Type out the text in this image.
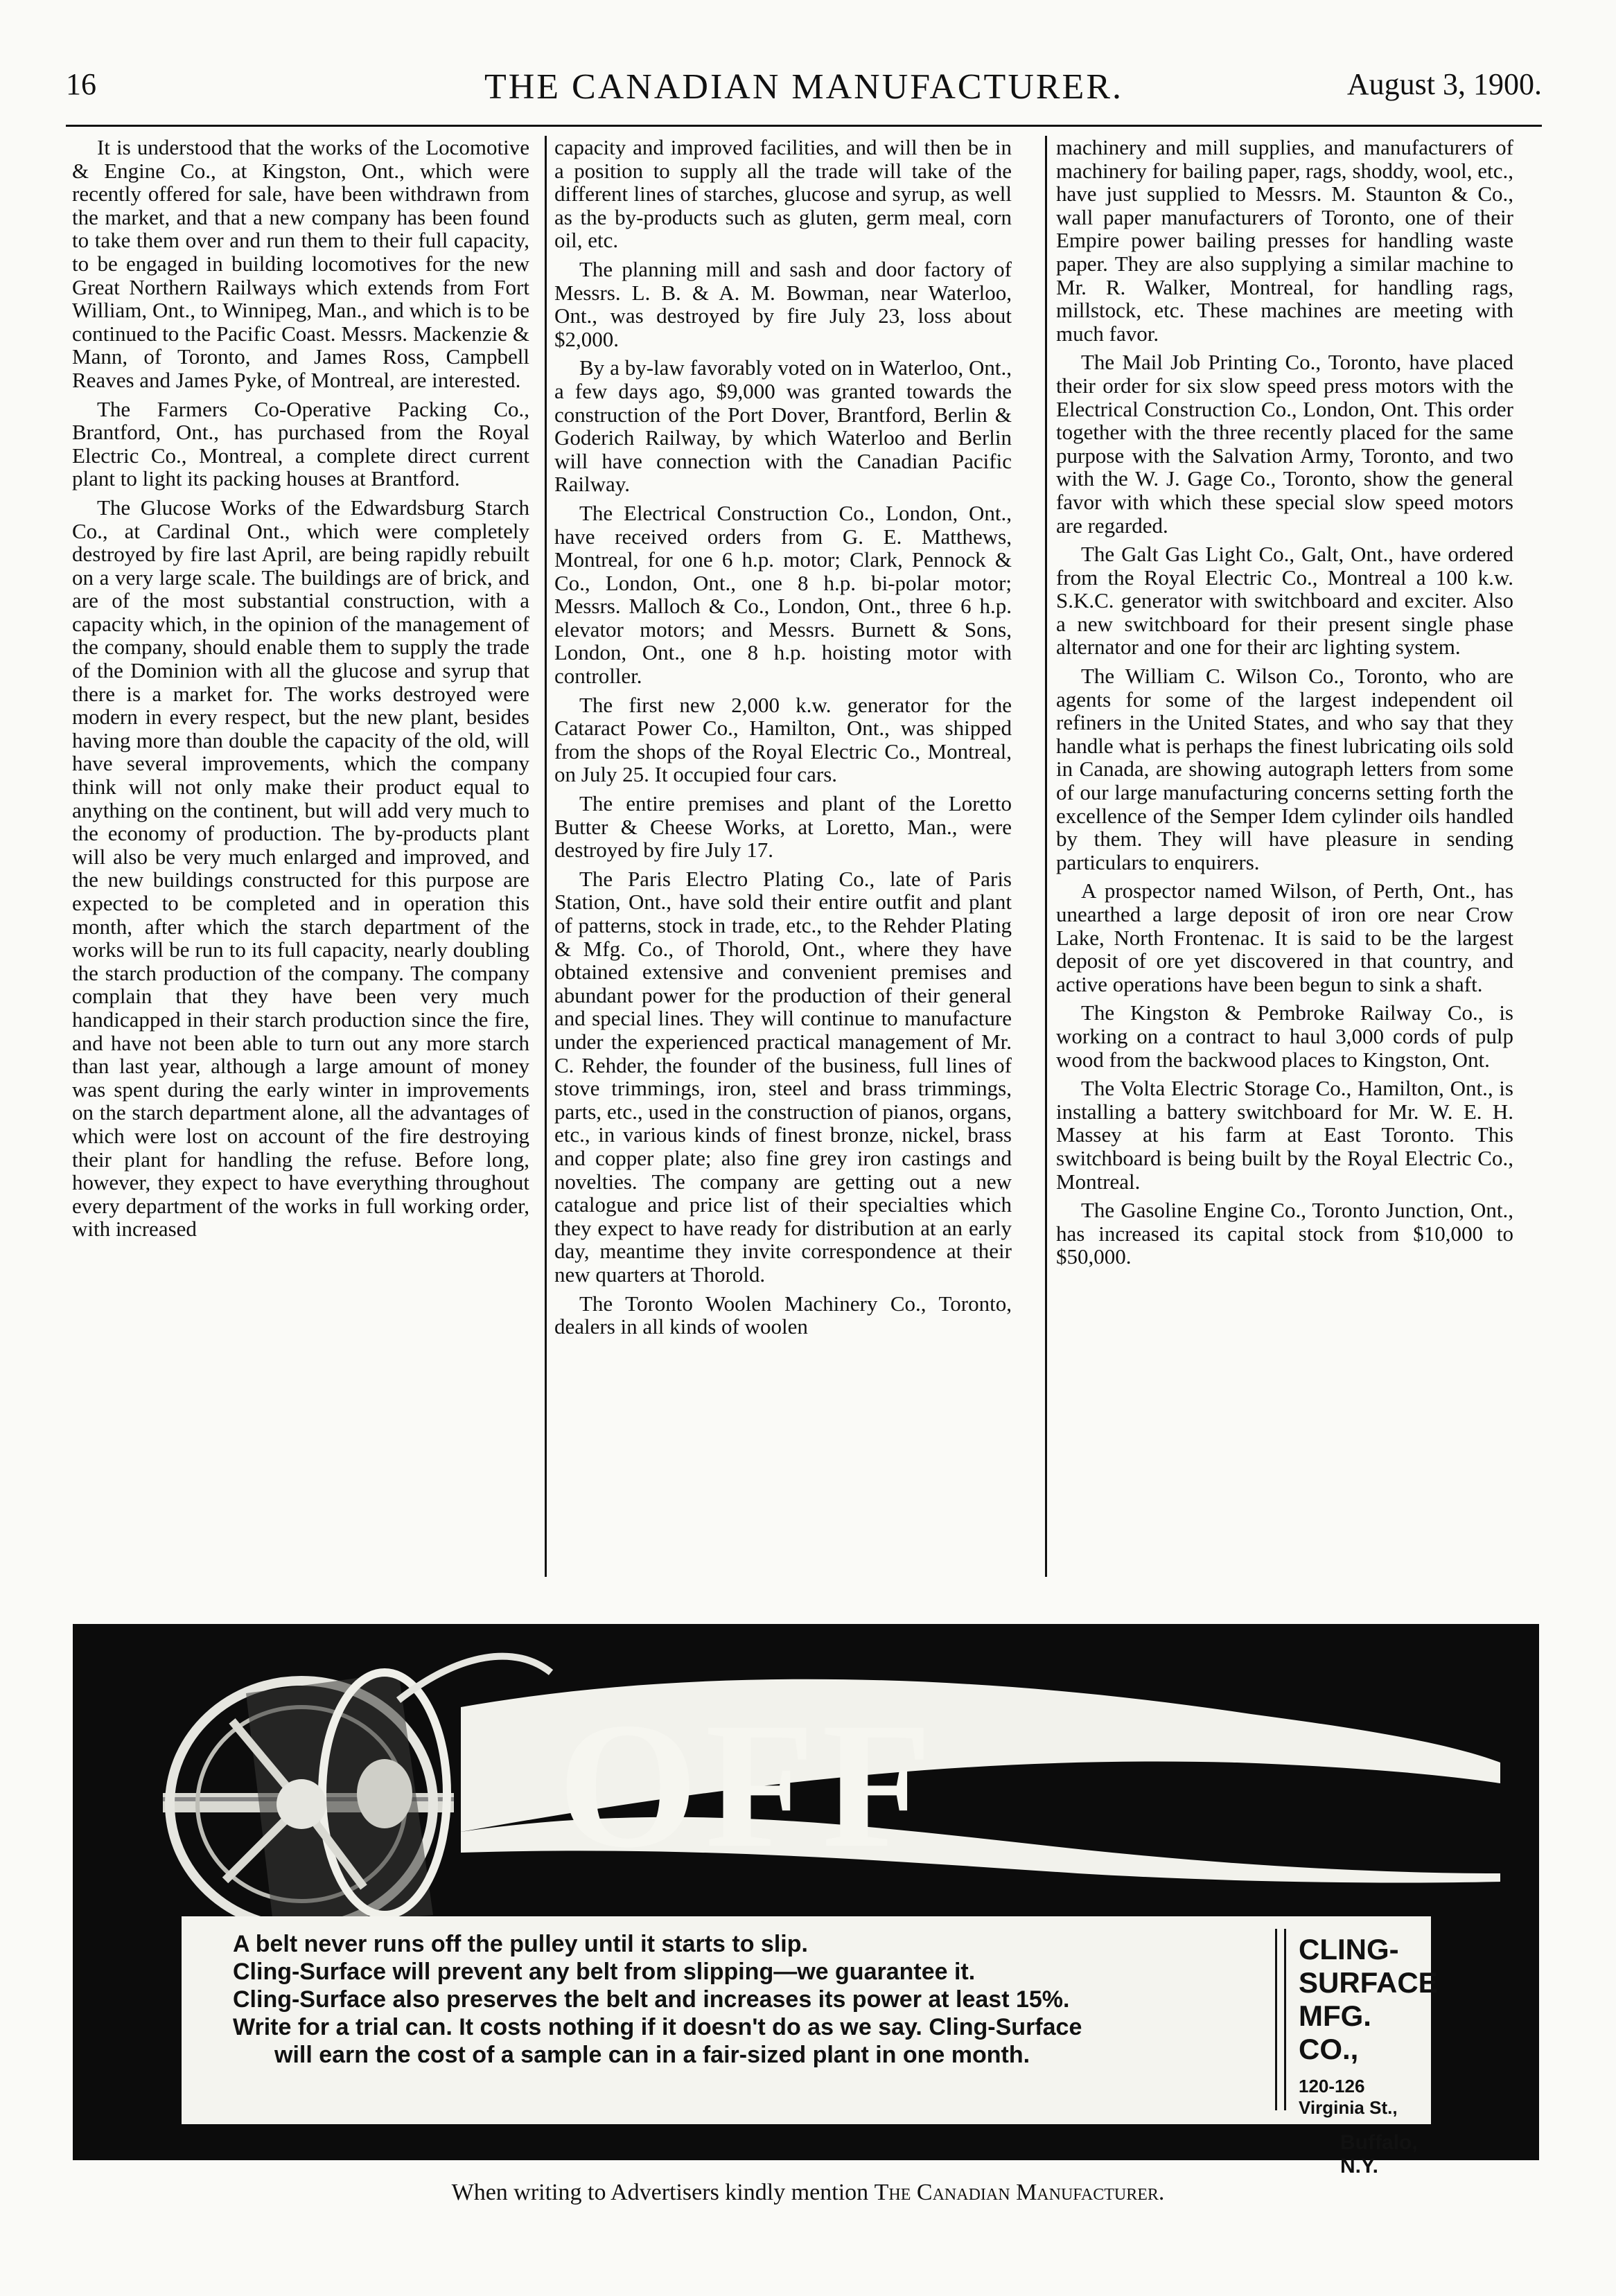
16	THE CANADIAN MANUFACTURER.	August 3, 1900.

It is understood that the works of the Locomotive & Engine Co., at Kingston, Ont., which were recently offered for sale, have been withdrawn from the market, and that a new company has been found to take them over and run them to their full capacity, to be engaged in building locomotives for the new Great Northern Railways which extends from Fort William, Ont., to Winnipeg, Man., and which is to be continued to the Pacific Coast. Messrs. Mackenzie & Mann, of Toronto, and James Ross, Campbell Reaves and James Pyke, of Montreal, are interested.

The Farmers Co-Operative Packing Co., Brantford, Ont., has purchased from the Royal Electric Co., Montreal, a complete direct current plant to light its packing houses at Brantford.

The Glucose Works of the Edwardsburg Starch Co., at Cardinal Ont., which were completely destroyed by fire last April, are being rapidly rebuilt on a very large scale. The buildings are of brick, and are of the most substantial construction, with a capacity which, in the opinion of the management of the company, should enable them to supply the trade of the Dominion with all the glucose and syrup that there is a market for. The works destroyed were modern in every respect, but the new plant, besides having more than double the capacity of the old, will have several improvements, which the company think will not only make their product equal to anything on the continent, but will add very much to the economy of production. The by-products plant will also be very much enlarged and improved, and the new buildings constructed for this purpose are expected to be completed and in operation this month, after which the starch department of the works will be run to its full capacity, nearly doubling the starch production of the company. The company complain that they have been very much handicapped in their starch production since the fire, and have not been able to turn out any more starch than last year, although a large amount of money was spent during the early winter in improvements on the starch department alone, all the advantages of which were lost on account of the fire destroying their plant for handling the refuse. Before long, however, they expect to have everything throughout every department of the works in full working order, with increased

capacity and improved facilities, and will then be in a position to supply all the trade will take of the different lines of starches, glucose and syrup, as well as the by-products such as gluten, germ meal, corn oil, etc.

The planning mill and sash and door factory of Messrs. L. B. & A. M. Bowman, near Waterloo, Ont., was destroyed by fire July 23, loss about $2,000.

By a by-law favorably voted on in Waterloo, Ont., a few days ago, $9,000 was granted towards the construction of the Port Dover, Brantford, Berlin & Goderich Railway, by which Waterloo and Berlin will have connection with the Canadian Pacific Railway.

The Electrical Construction Co., London, Ont., have received orders from G. E. Matthews, Montreal, for one 6 h.p. motor; Clark, Pennock & Co., London, Ont., one 8 h.p. bi-polar motor; Messrs. Malloch & Co., London, Ont., three 6 h.p. elevator motors; and Messrs. Burnett & Sons, London, Ont., one 8 h.p. hoisting motor with controller.

The first new 2,000 k.w. generator for the Cataract Power Co., Hamilton, Ont., was shipped from the shops of the Royal Electric Co., Montreal, on July 25. It occupied four cars.

The entire premises and plant of the Loretto Butter & Cheese Works, at Loretto, Man., were destroyed by fire July 17.

The Paris Electro Plating Co., late of Paris Station, Ont., have sold their entire outfit and plant of patterns, stock in trade, etc., to the Rehder Plating & Mfg. Co., of Thorold, Ont., where they have obtained extensive and convenient premises and abundant power for the production of their general and special lines. They will continue to manufacture under the experienced practical management of Mr. C. Rehder, the founder of the business, full lines of stove trimmings, iron, steel and brass trimmings, parts, etc., used in the construction of pianos, organs, etc., in various kinds of finest bronze, nickel, brass and copper plate; also fine grey iron castings and novelties. The company are getting out a new catalogue and price list of their specialties which they expect to have ready for distribution at an early day, meantime they invite correspondence at their new quarters at Thorold.

The Toronto Woolen Machinery Co., Toronto, dealers in all kinds of woolen

machinery and mill supplies, and manufacturers of machinery for bailing paper, rags, shoddy, wool, etc., have just supplied to Messrs. M. Staunton & Co., wall paper manufacturers of Toronto, one of their Empire power bailing presses for handling waste paper. They are also supplying a similar machine to Mr. R. Walker, Montreal, for handling rags, millstock, etc. These machines are meeting with much favor.

The Mail Job Printing Co., Toronto, have placed their order for six slow speed press motors with the Electrical Construction Co., London, Ont. This order together with the three recently placed for the same purpose with the Salvation Army, Toronto, and two with the W. J. Gage Co., Toronto, show the general favor with which these special slow speed motors are regarded.

The Galt Gas Light Co., Galt, Ont., have ordered from the Royal Electric Co., Montreal a 100 k.w. S.K.C. generator with switchboard and exciter. Also a new switchboard for their present single phase alternator and one for their arc lighting system.

The William C. Wilson Co., Toronto, who are agents for some of the largest independent oil refiners in the United States, and who say that they handle what is perhaps the finest lubricating oils sold in Canada, are showing autograph letters from some of our large manufacturing concerns setting forth the excellence of the Semper Idem cylinder oils handled by them. They will have pleasure in sending particulars to enquirers.

A prospector named Wilson, of Perth, Ont., has unearthed a large deposit of iron ore near Crow Lake, North Frontenac. It is said to be the largest deposit of ore yet discovered in that country, and active operations have been begun to sink a shaft.

The Kingston & Pembroke Railway Co., is working on a contract to haul 3,000 cords of pulp wood from the backwood places to Kingston, Ont.

The Volta Electric Storage Co., Hamilton, Ont., is installing a battery switchboard for Mr. W. E. H. Massey at his farm at East Toronto. This switchboard is being built by the Royal Electric Co., Montreal.

The Gasoline Engine Co., Toronto Junction, Ont., has increased its capital stock from $10,000 to $50,000.

OFF
A belt never runs off the pulley until it starts to slip.
Cling-Surface will prevent any belt from slipping—we guarantee it.
Cling-Surface also preserves the belt and increases its power at least 15%.
Write for a trial can. It costs nothing if it doesn't do as we say. Cling-Surface
will earn the cost of a sample can in a fair-sized plant in one month.
CLING-SURFACE
MFG. CO.,
120-126 Virginia St.,
Buffalo, N.Y.
When writing to Advertisers kindly mention The Canadian Manufacturer.
